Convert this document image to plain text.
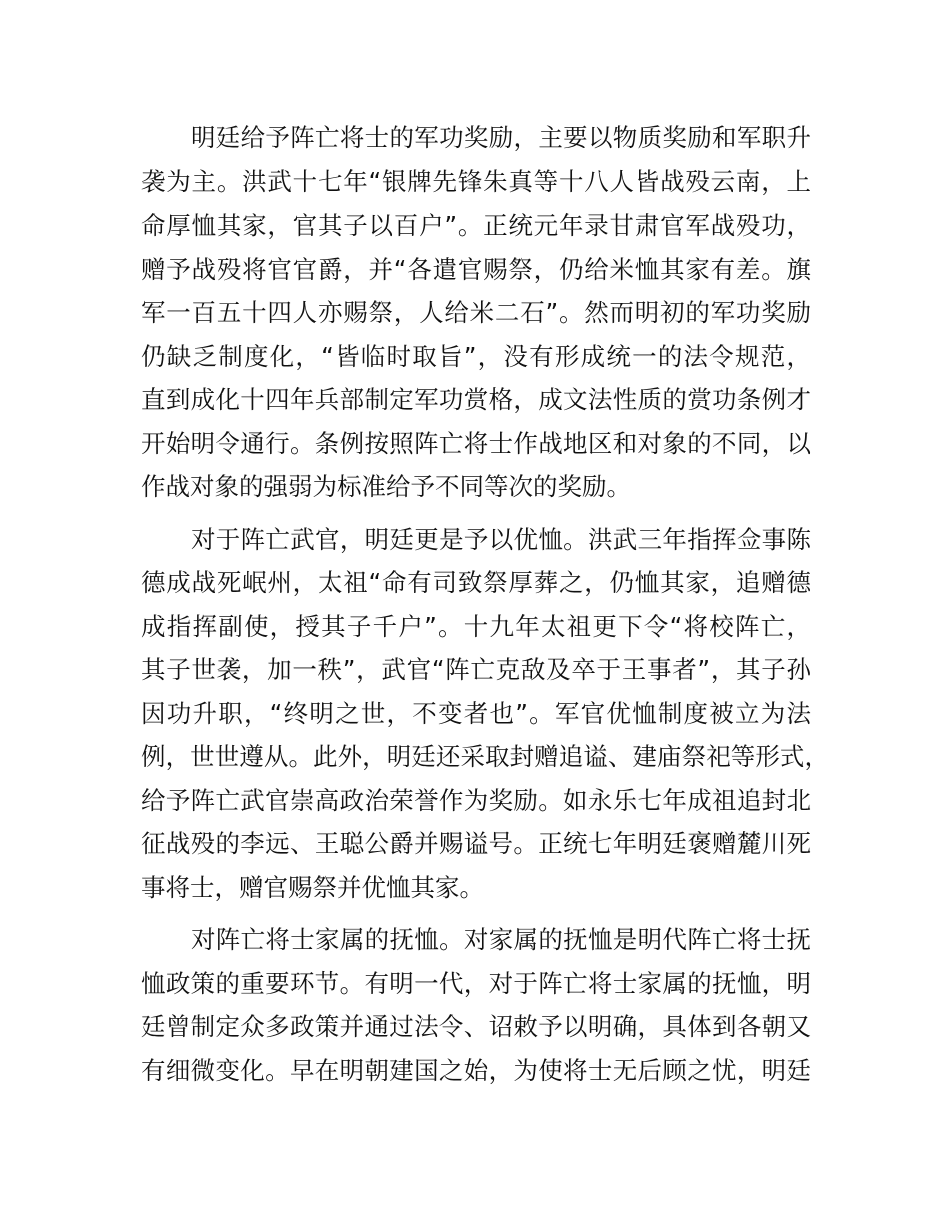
明廷给予阵亡将士的军功奖励，主要以物质奖励和军职升
袭为主。洪武十七年“银牌先锋朱真等十八人皆战殁云南，上
命厚恤其家，官其子以百户”。正统元年录甘肃官军战殁功，
赠予战殁将官官爵，并“各遣官赐祭，仍给米恤其家有差。旗
军一百五十四人亦赐祭，人给米二石”。然而明初的军功奖励
仍缺乏制度化，“皆临时取旨”，没有形成统一的法令规范，
直到成化十四年兵部制定军功赏格，成文法性质的赏功条例才
开始明令通行。条例按照阵亡将士作战地区和对象的不同，以
作战对象的强弱为标准给予不同等次的奖励。
对于阵亡武官，明廷更是予以优恤。洪武三年指挥佥事陈
德成战死岷州，太祖“命有司致祭厚葬之，仍恤其家，追赠德
成指挥副使，授其子千户”。十九年太祖更下令“将校阵亡，
其子世袭，加一秩”，武官“阵亡克敌及卒于王事者”，其子孙
因功升职，“终明之世，不变者也”。军官优恤制度被立为法
例，世世遵从。此外，明廷还采取封赠追谥、建庙祭祀等形式，
给予阵亡武官崇高政治荣誉作为奖励。如永乐七年成祖追封北
征战殁的李远、王聪公爵并赐谥号。正统七年明廷褒赠麓川死
事将士，赠官赐祭并优恤其家。
对阵亡将士家属的抚恤。对家属的抚恤是明代阵亡将士抚
恤政策的重要环节。有明一代，对于阵亡将士家属的抚恤，明
廷曾制定众多政策并通过法令、诏敕予以明确，具体到各朝又
有细微变化。早在明朝建国之始，为使将士无后顾之忧，明廷
